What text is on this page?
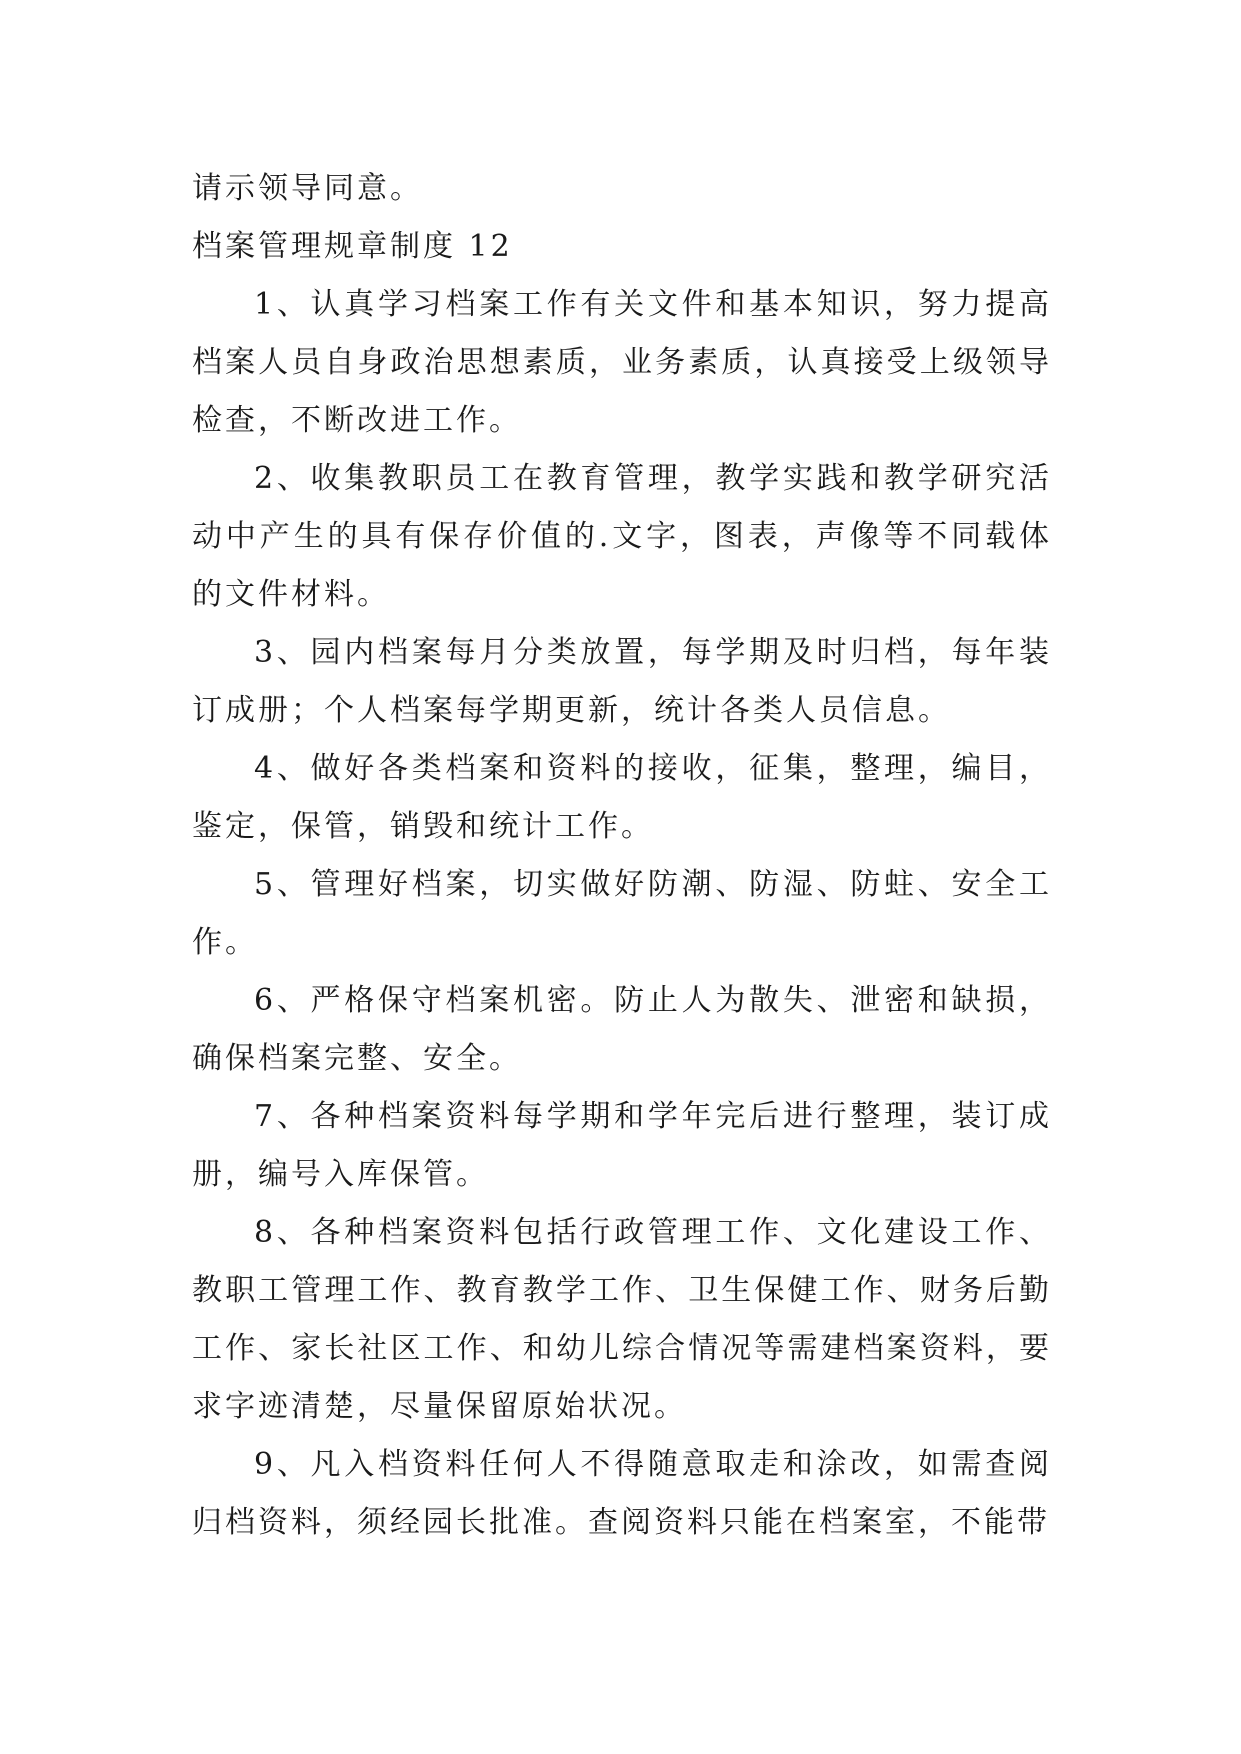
请示领导同意。

档案管理规章制度 12

1、认真学习档案工作有关文件和基本知识，努力提高档案人员自身政治思想素质，业务素质，认真接受上级领导检查，不断改进工作。

2、收集教职员工在教育管理，教学实践和教学研究活动中产生的具有保存价值的.文字，图表，声像等不同载体的文件材料。

3、园内档案每月分类放置，每学期及时归档，每年装订成册；个人档案每学期更新，统计各类人员信息。

4、做好各类档案和资料的接收，征集，整理，编目，鉴定，保管，销毁和统计工作。

5、管理好档案，切实做好防潮、防湿、防蛀、安全工作。

6、严格保守档案机密。防止人为散失、泄密和缺损，确保档案完整、安全。

7、各种档案资料每学期和学年完后进行整理，装订成册，编号入库保管。

8、各种档案资料包括行政管理工作、文化建设工作、教职工管理工作、教育教学工作、卫生保健工作、财务后勤工作、家长社区工作、和幼儿综合情况等需建档案资料，要求字迹清楚，尽量保留原始状况。

9、凡入档资料任何人不得随意取走和涂改，如需查阅归档资料，须经园长批准。查阅资料只能在档案室，不能带
